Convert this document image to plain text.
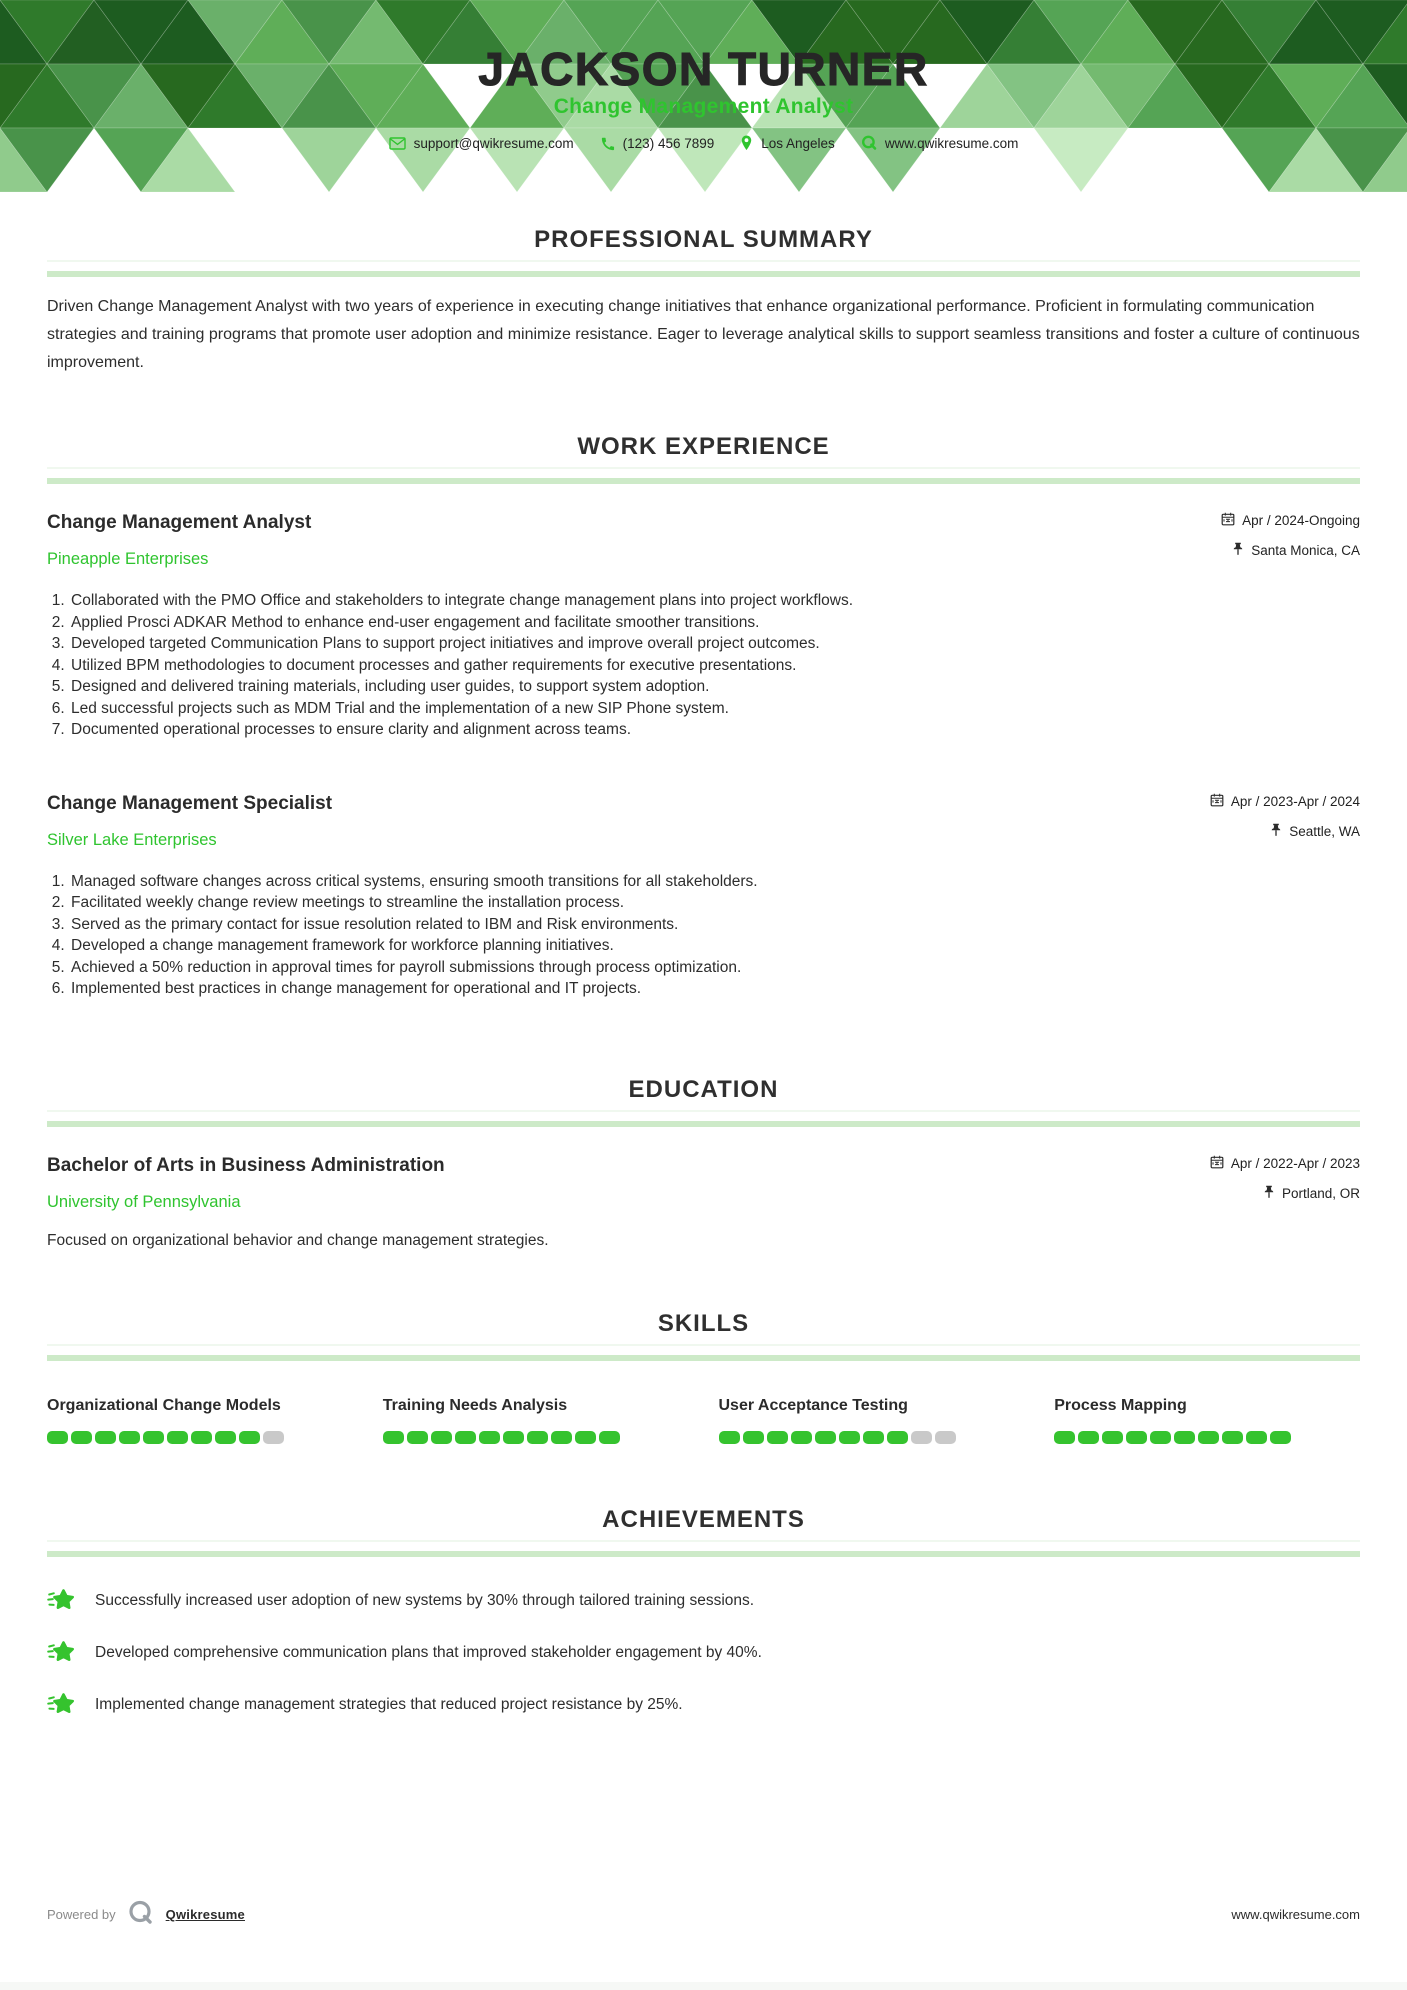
JACKSON TURNER
Change Management Analyst
support@qwikresume.com	(123) 456 7899	Los Angeles	www.qwikresume.com
PROFESSIONAL SUMMARY
Driven Change Management Analyst with two years of experience in executing change initiatives that enhance organizational performance. Proficient in formulating communication strategies and training programs that promote user adoption and minimize resistance. Eager to leverage analytical skills to support seamless transitions and foster a culture of continuous improvement.
WORK EXPERIENCE
Change Management Analyst
Pineapple Enterprises
Apr / 2024-Ongoing
Santa Monica, CA
1. Collaborated with the PMO Office and stakeholders to integrate change management plans into project workflows.
2. Applied Prosci ADKAR Method to enhance end-user engagement and facilitate smoother transitions.
3. Developed targeted Communication Plans to support project initiatives and improve overall project outcomes.
4. Utilized BPM methodologies to document processes and gather requirements for executive presentations.
5. Designed and delivered training materials, including user guides, to support system adoption.
6. Led successful projects such as MDM Trial and the implementation of a new SIP Phone system.
7. Documented operational processes to ensure clarity and alignment across teams.
Change Management Specialist
Silver Lake Enterprises
Apr / 2023-Apr / 2024
Seattle, WA
1. Managed software changes across critical systems, ensuring smooth transitions for all stakeholders.
2. Facilitated weekly change review meetings to streamline the installation process.
3. Served as the primary contact for issue resolution related to IBM and Risk environments.
4. Developed a change management framework for workforce planning initiatives.
5. Achieved a 50% reduction in approval times for payroll submissions through process optimization.
6. Implemented best practices in change management for operational and IT projects.
EDUCATION
Bachelor of Arts in Business Administration
University of Pennsylvania
Apr / 2022-Apr / 2023
Portland, OR
Focused on organizational behavior and change management strategies.
SKILLS
Organizational Change Models	Training Needs Analysis	User Acceptance Testing	Process Mapping
ACHIEVEMENTS
Successfully increased user adoption of new systems by 30% through tailored training sessions.
Developed comprehensive communication plans that improved stakeholder engagement by 40%.
Implemented change management strategies that reduced project resistance by 25%.
Powered by	Qwikresume	www.qwikresume.com
